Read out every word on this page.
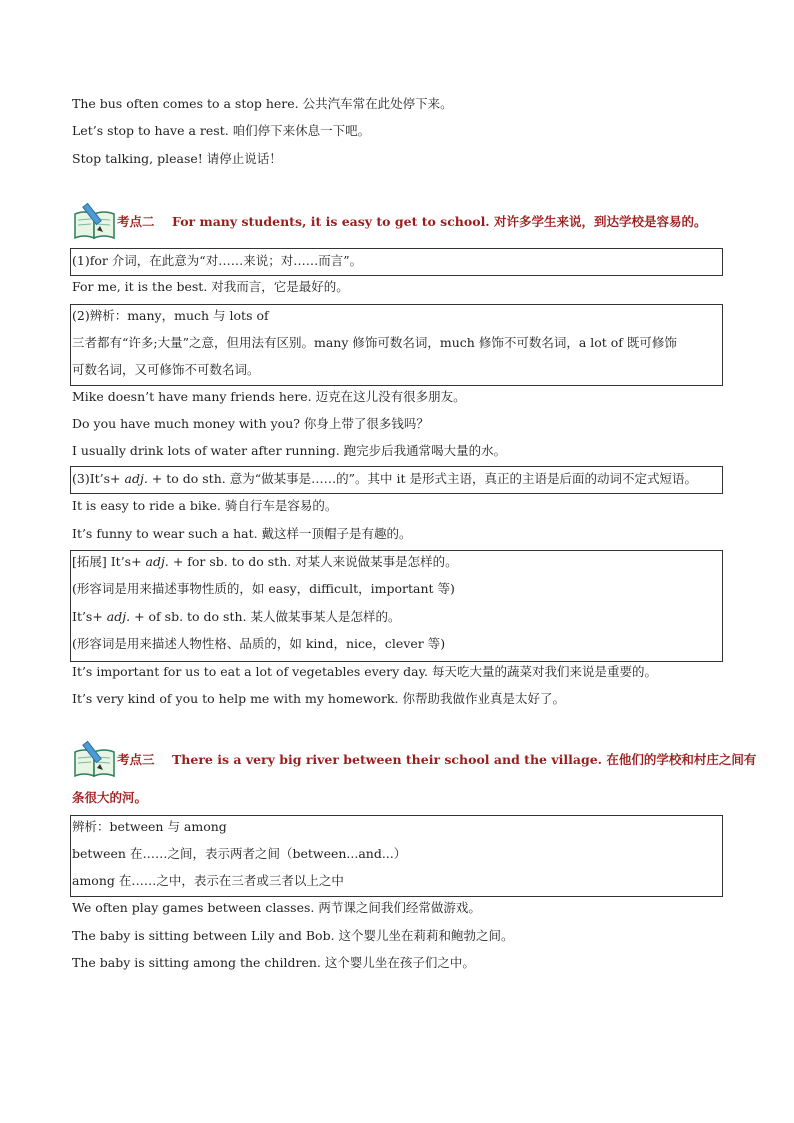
The bus often comes to a stop here. 公共汽车常在此处停下来。
Let’s stop to have a rest. 咱们停下来休息一下吧。
Stop talking, please! 请停止说话！
考点二 For many students, it is easy to get to school. 对许多学生来说，到达学校是容易的。
(1)for 介词，在此意为“对……来说；对……而言”。
For me, it is the best. 对我而言，它是最好的。
(2)辨析：many，much 与 lots of
三者都有“许多;大量”之意，但用法有区别。many 修饰可数名词，much 修饰不可数名词，a lot of 既可修饰
可数名词，又可修饰不可数名词。
Mike doesn’t have many friends here. 迈克在这儿没有很多朋友。
Do you have much money with you? 你身上带了很多钱吗？
I usually drink lots of water after running. 跑完步后我通常喝大量的水。
(3)It’s+ adj. + to do sth. 意为“做某事是……的”。其中 it 是形式主语，真正的主语是后面的动词不定式短语。
It is easy to ride a bike. 骑自行车是容易的。
It’s funny to wear such a hat. 戴这样一顶帽子是有趣的。
[拓展] It’s+ adj. + for sb. to do sth. 对某人来说做某事是怎样的。
(形容词是用来描述事物性质的，如 easy，difficult，important 等)
It’s+ adj. + of sb. to do sth. 某人做某事某人是怎样的。
(形容词是用来描述人物性格、品质的，如 kind，nice，clever 等)
It’s important for us to eat a lot of vegetables every day. 每天吃大量的蔬菜对我们来说是重要的。
It’s very kind of you to help me with my homework. 你帮助我做作业真是太好了。
考点三 There is a very big river between their school and the village. 在他们的学校和村庄之间有
条很大的河。
辨析：between 与 among
between 在……之间，表示两者之间（between...and...）
among 在……之中，表示在三者或三者以上之中
We often play games between classes. 两节课之间我们经常做游戏。
The baby is sitting between Lily and Bob. 这个婴儿坐在莉莉和鲍勃之间。
The baby is sitting among the children. 这个婴儿坐在孩子们之中。
